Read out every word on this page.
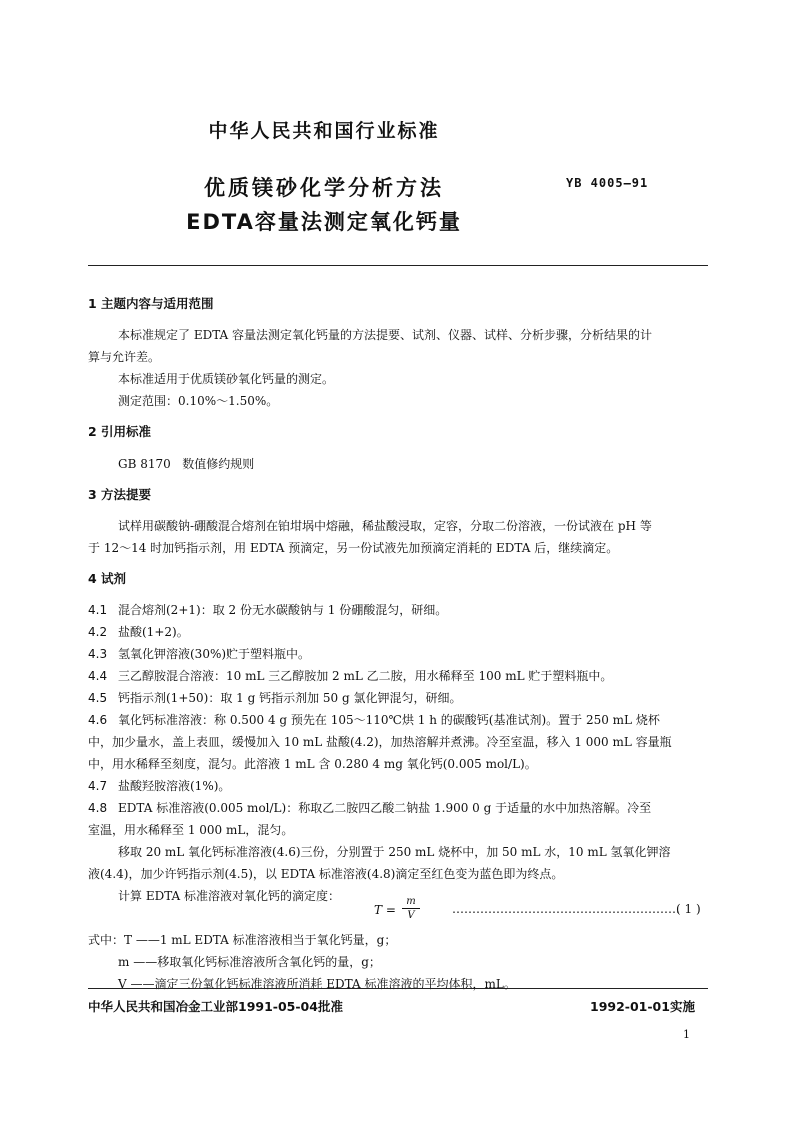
中华人民共和国行业标准
优质镁砂化学分析方法
EDTA容量法测定氧化钙量
YB 4005—91
1 主题内容与适用范围
本标准规定了 EDTA 容量法测定氧化钙量的方法提要、试剂、仪器、试样、分析步骤，分析结果的计
算与允许差。
本标准适用于优质镁砂氧化钙量的测定。
测定范围：0.10%～1.50%。
2 引用标准
GB 8170   数值修约规则
3 方法提要
试样用碳酸钠-硼酸混合熔剂在铂坩埚中熔融，稀盐酸浸取，定容，分取二份溶液，一份试液在 pH 等
于 12～14 时加钙指示剂，用 EDTA 预滴定，另一份试液先加预滴定消耗的 EDTA 后，继续滴定。
4 试剂
4.1 混合熔剂(2+1)：取 2 份无水碳酸钠与 1 份硼酸混匀，研细。
4.2 盐酸(1+2)。
4.3 氢氧化钾溶液(30%)贮于塑料瓶中。
4.4 三乙醇胺混合溶液：10 mL 三乙醇胺加 2 mL 乙二胺，用水稀释至 100 mL 贮于塑料瓶中。
4.5 钙指示剂(1+50)：取 1 g 钙指示剂加 50 g 氯化钾混匀，研细。
4.6 氧化钙标准溶液：称 0.500 4 g 预先在 105～110℃烘 1 h 的碳酸钙(基准试剂)。置于 250 mL 烧杯
中，加少量水，盖上表皿，缓慢加入 10 mL 盐酸(4.2)，加热溶解并煮沸。冷至室温，移入 1 000 mL 容量瓶
中，用水稀释至刻度，混匀。此溶液 1 mL 含 0.280 4 mg 氧化钙(0.005 mol/L)。
4.7 盐酸羟胺溶液(1%)。
4.8 EDTA 标准溶液(0.005 mol/L)：称取乙二胺四乙酸二钠盐 1.900 0 g 于适量的水中加热溶解。冷至
室温，用水稀释至 1 000 mL，混匀。
移取 20 mL 氧化钙标准溶液(4.6)三份，分别置于 250 mL 烧杯中，加 50 mL 水，10 mL 氢氧化钾溶
液(4.4)，加少许钙指示剂(4.5)，以 EDTA 标准溶液(4.8)滴定至红色变为蓝色即为终点。
计算 EDTA 标准溶液对氧化钙的滴定度：
T =
m
V	…………………………………………………
( 1 )
式中：T ——1 mL EDTA 标准溶液相当于氧化钙量，g；
m ——移取氧化钙标准溶液所含氧化钙的量，g；
V ——滴定三份氧化钙标准溶液所消耗 EDTA 标准溶液的平均体积，mL。
中华人民共和国冶金工业部1991-05-04批准	1992-01-01实施
1
